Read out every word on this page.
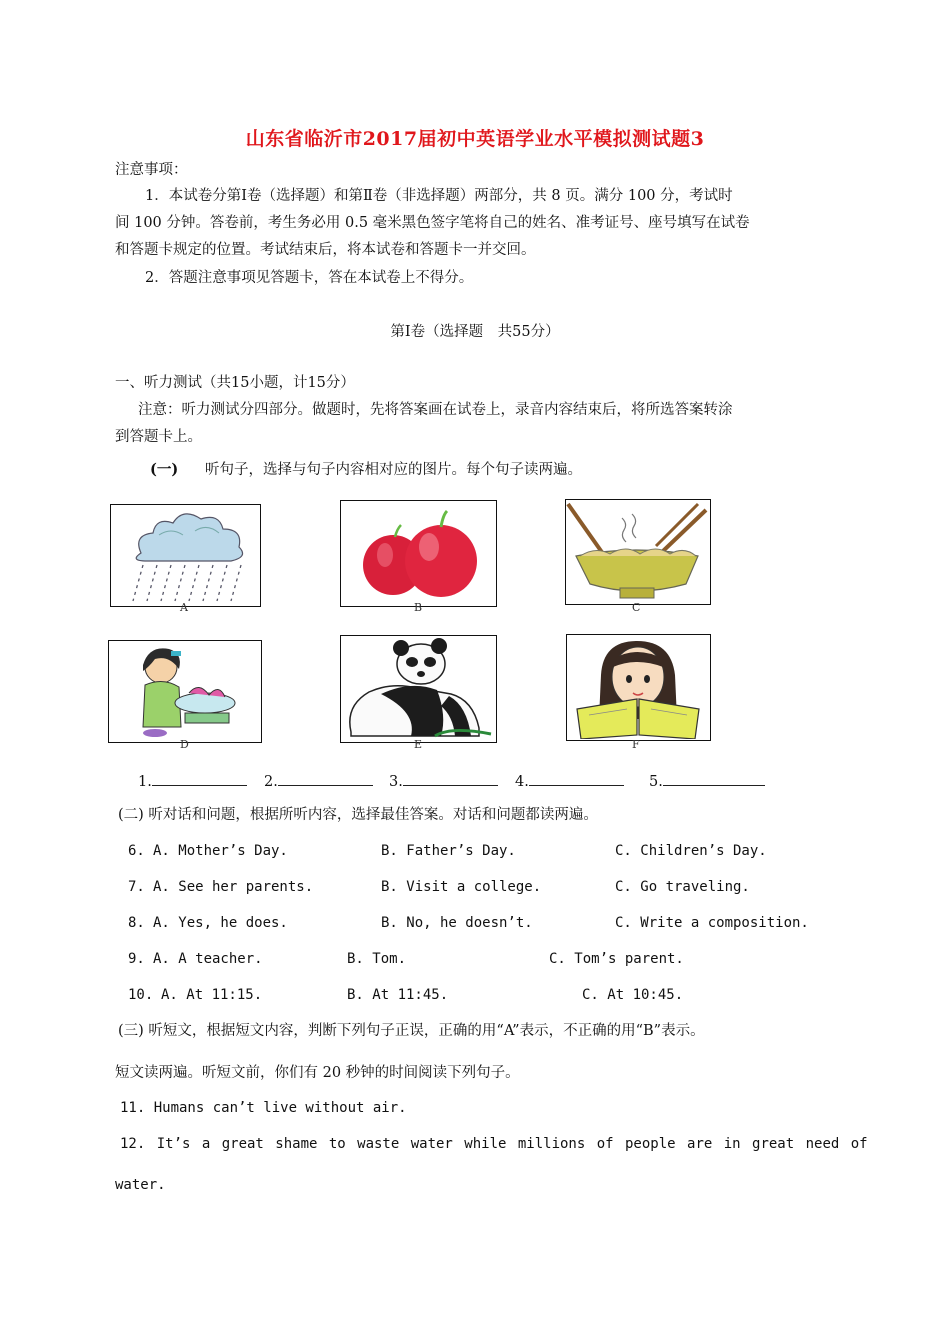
山东省临沂市2017届初中英语学业水平模拟测试题3
注意事项：
1．本试卷分第Ⅰ卷（选择题）和第Ⅱ卷（非选择题）两部分，共 8 页。满分 100 分，考试时
间 100 分钟。答卷前，考生务必用 0.5 毫米黑色签字笔将自己的姓名、准考证号、座号填写在试卷
和答题卡规定的位置。考试结束后，将本试卷和答题卡一并交回。
2．答题注意事项见答题卡，答在本试卷上不得分。
第Ⅰ卷（选择题　共55分）
一、听力测试（共15小题，计15分）
注意：听力测试分四部分。做题时，先将答案画在试卷上，录音内容结束后，将所选答案转涂
到答题卡上。
(一) 听句子，选择与句子内容相对应的图片。每个句子读两遍。
A	B	C
D	E	F
1.	2.	3.	4.	5.
(二) 听对话和问题，根据所听内容，选择最佳答案。对话和问题都读两遍。
6. A. Mother’s Day.	B. Father’s Day.	C. Children’s Day.
7. A. See her parents.	B. Visit a college.	C. Go traveling.
8. A. Yes, he does.	B. No, he doesn’t.	C. Write a composition.
9. A. A teacher.	B. Tom.	C. Tom’s parent.
10. A. At 11:15.	B. At 11:45.	C. At 10:45.
(三) 听短文，根据短文内容，判断下列句子正误，正确的用“A”表示，不正确的用“B”表示。
短文读两遍。听短文前，你们有 20 秒钟的时间阅读下列句子。
11. Humans can’t live without air.
12. It’s a great shame to waste water while millions of people are in great need of
water.
